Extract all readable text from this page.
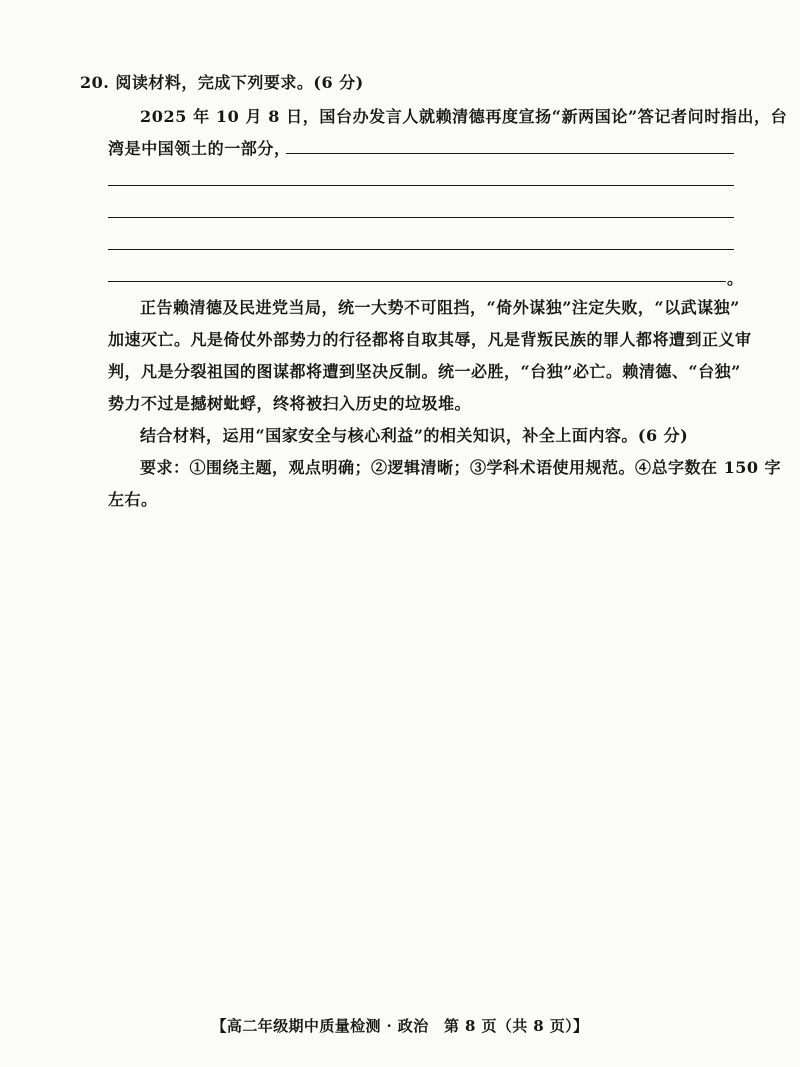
20. 阅读材料，完成下列要求。(6 分)
2025 年 10 月 8 日，国台办发言人就赖清德再度宣扬“新两国论”答记者问时指出，台
湾是中国领土的一部分，
。
正告赖清德及民进党当局，统一大势不可阻挡，“倚外谋独”注定失败，“以武谋独”
加速灭亡。凡是倚仗外部势力的行径都将自取其辱，凡是背叛民族的罪人都将遭到正义审
判，凡是分裂祖国的图谋都将遭到坚决反制。统一必胜，“台独”必亡。赖清德、“台独”
势力不过是撼树蚍蜉，终将被扫入历史的垃圾堆。
结合材料，运用“国家安全与核心利益”的相关知识，补全上面内容。(6 分)
要求：①围绕主题，观点明确；②逻辑清晰；③学科术语使用规范。④总字数在 150 字
左右。
【高二年级期中质量检测 · 政治　第 8 页（共 8 页）】
